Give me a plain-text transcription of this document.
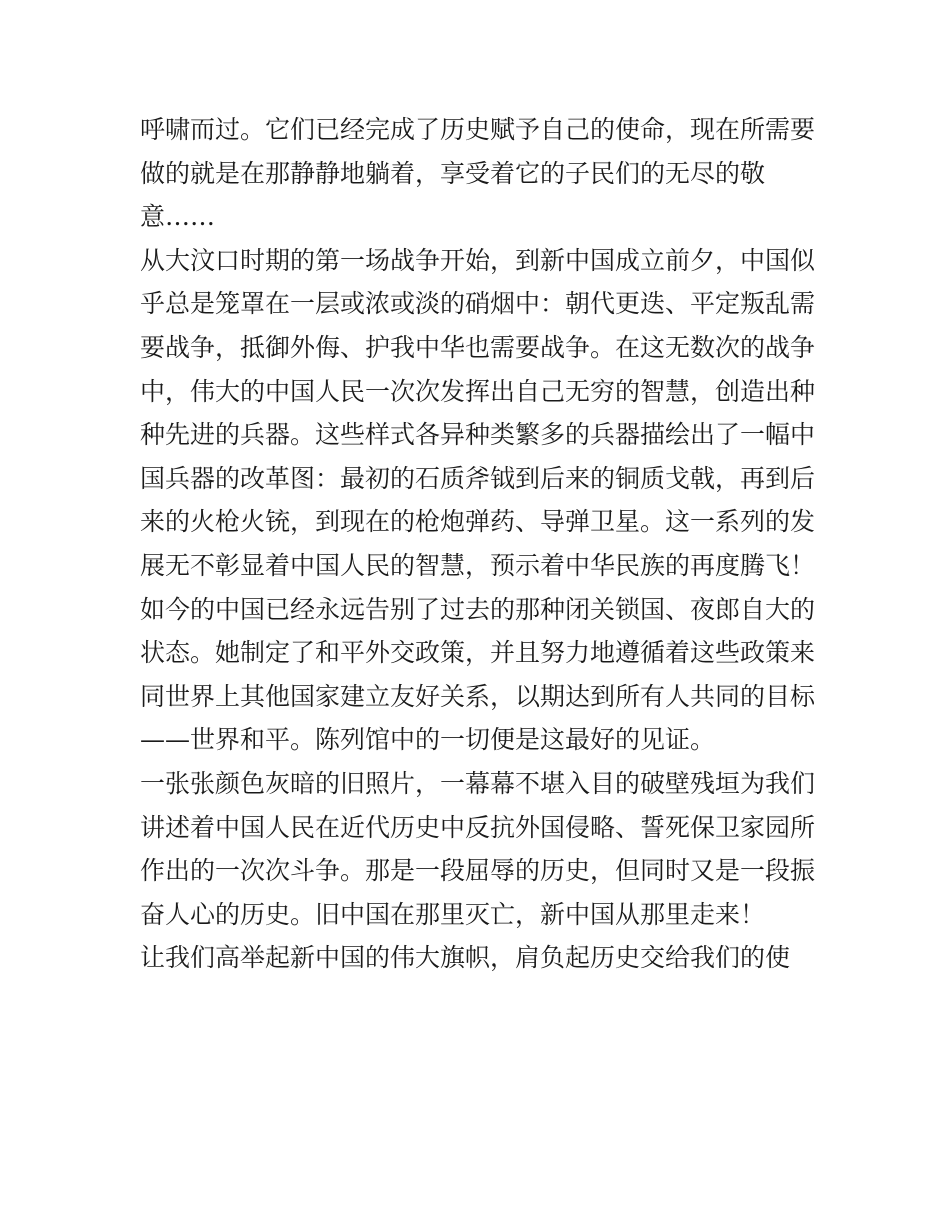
呼啸而过。它们已经完成了历史赋予自己的使命，现在所需要
做的就是在那静静地躺着，享受着它的子民们的无尽的敬
意……
从大汶口时期的第一场战争开始，到新中国成立前夕，中国似
乎总是笼罩在一层或浓或淡的硝烟中：朝代更迭、平定叛乱需
要战争，抵御外侮、护我中华也需要战争。在这无数次的战争
中，伟大的中国人民一次次发挥出自己无穷的智慧，创造出种
种先进的兵器。这些样式各异种类繁多的兵器描绘出了一幅中
国兵器的改革图：最初的石质斧钺到后来的铜质戈戟，再到后
来的火枪火铳，到现在的枪炮弹药、导弹卫星。这一系列的发
展无不彰显着中国人民的智慧，预示着中华民族的再度腾飞！
如今的中国已经永远告别了过去的那种闭关锁国、夜郎自大的
状态。她制定了和平外交政策，并且努力地遵循着这些政策来
同世界上其他国家建立友好关系，以期达到所有人共同的目标
——世界和平。陈列馆中的一切便是这最好的见证。
一张张颜色灰暗的旧照片，一幕幕不堪入目的破壁残垣为我们
讲述着中国人民在近代历史中反抗外国侵略、誓死保卫家园所
作出的一次次斗争。那是一段屈辱的历史，但同时又是一段振
奋人心的历史。旧中国在那里灭亡，新中国从那里走来！
让我们高举起新中国的伟大旗帜，肩负起历史交给我们的使
